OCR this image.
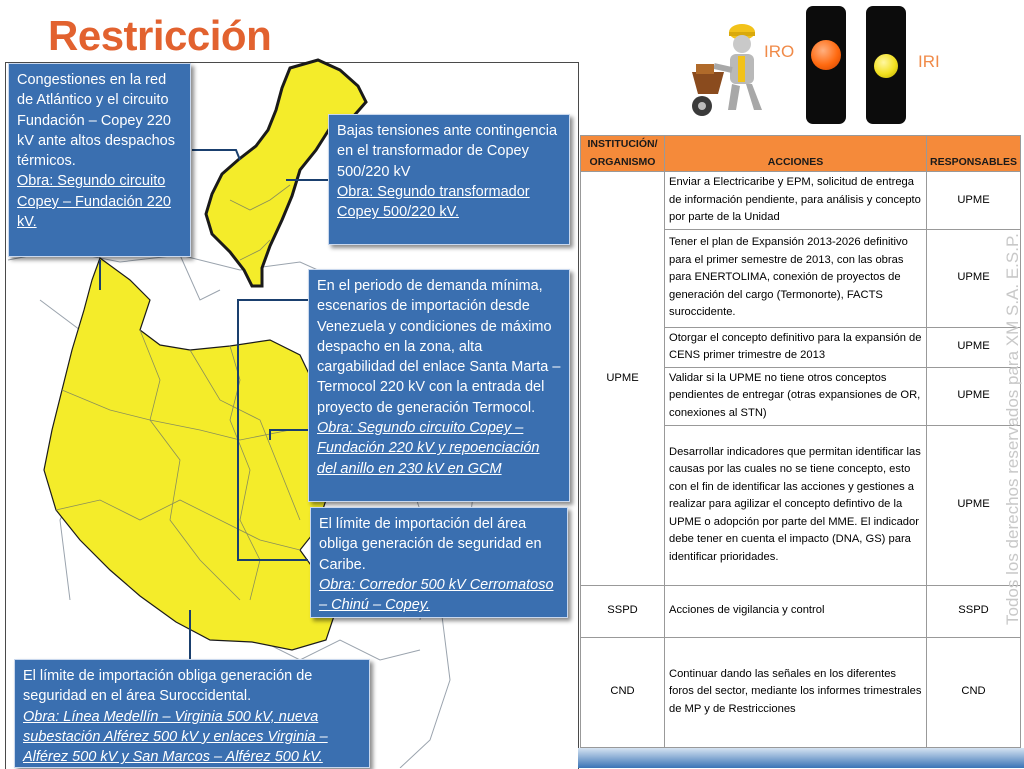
Restricción
Congestiones en la red de Atlántico y el circuito Fundación – Copey 220 kV ante altos despachos térmicos.
Obra: Segundo circuito Copey – Fundación 220 kV.
Bajas tensiones ante contingencia en el transformador de Copey 500/220 kV
Obra: Segundo transformador Copey 500/220 kV.
En el periodo de demanda mínima, escenarios de importación desde Venezuela y condiciones de máximo despacho en la zona, alta cargabilidad del enlace Santa Marta – Termocol 220 kV con la entrada del proyecto de generación Termocol.
Obra: Segundo circuito Copey – Fundación 220 kV y repoenciación del anillo en 230 kV en GCM
El límite de importación del área obliga generación de seguridad en Caribe.
Obra: Corredor 500 kV Cerromatoso – Chinú – Copey.
El límite de importación obliga generación de seguridad en el área Suroccidental.
Obra: Línea Medellín – Virginia 500 kV, nueva subestación Alférez 500 kV y enlaces Virginia – Alférez 500 kV y San Marcos – Alférez 500 kV.
IRO
IRI
INSTITUCIÓN/ ORGANISMO	ACCIONES	RESPONSABLES
UPME	Enviar a Electricaribe y EPM, solicitud de entrega de información pendiente, para análisis y concepto por parte de la Unidad	UPME
	Tener el plan de Expansión 2013-2026 definitivo para el primer semestre de 2013, con las obras para ENERTOLIMA, conexión de proyectos de generación del cargo (Termonorte), FACTS suroccidente.	UPME
	Otorgar el concepto definitivo para la expansión de CENS primer trimestre de 2013	UPME
	Validar si la UPME no tiene otros conceptos pendientes de entregar (otras expansiones de OR, conexiones al STN)	UPME
	Desarrollar indicadores que permitan identificar las causas por las cuales no se tiene concepto, esto con el fin de identificar las acciones y gestiones a realizar para agilizar el concepto defintivo de la UPME o adopción por parte del MME. El indicador debe tener en cuenta el impacto (DNA, GS) para identificar prioridades.	UPME
SSPD	Acciones de vigilancia y control	SSPD
CND	Continuar dando las señales en los diferentes foros del sector, mediante los informes trimestrales de MP y de Restricciones	CND
Todos los derechos reservados para XM S.A. E.S.P.
